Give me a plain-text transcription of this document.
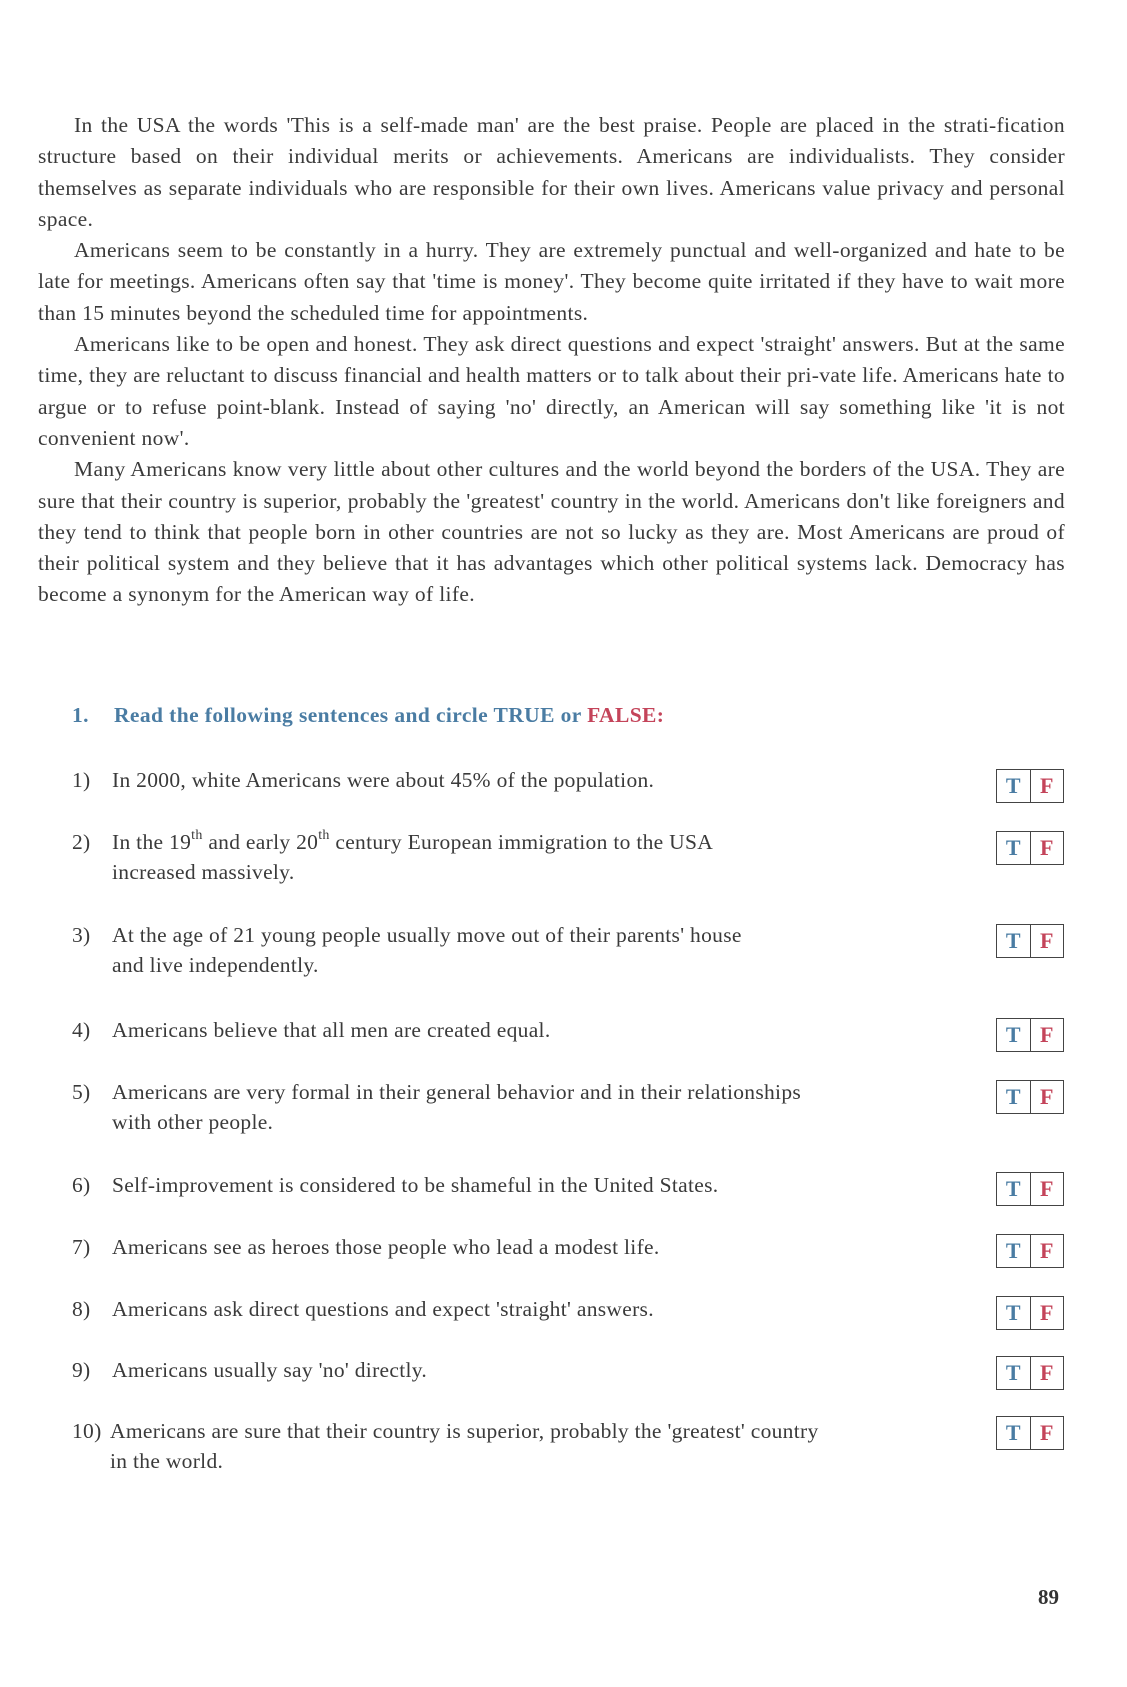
In the USA the words 'This is a self-made man' are the best praise. People are placed in the strati-fication structure based on their individual merits or achievements. Americans are individualists. They consider themselves as separate individuals who are responsible for their own lives. Americans value privacy and personal space.

Americans seem to be constantly in a hurry. They are extremely punctual and well-organized and hate to be late for meetings. Americans often say that 'time is money'. They become quite irritated if they have to wait more than 15 minutes beyond the scheduled time for appointments.

Americans like to be open and honest. They ask direct questions and expect 'straight' answers. But at the same time, they are reluctant to discuss financial and health matters or to talk about their pri-vate life. Americans hate to argue or to refuse point-blank. Instead of saying 'no' directly, an American will say something like 'it is not convenient now'.

Many Americans know very little about other cultures and the world beyond the borders of the USA. They are sure that their country is superior, probably the 'greatest' country in the world. Americans don't like foreigners and they tend to think that people born in other countries are not so lucky as they are. Most Americans are proud of their political system and they believe that it has advantages which other political systems lack. Democracy has become a synonym for the American way of life.

1. Read the following sentences and circle TRUE or FALSE:
1) In 2000, white Americans were about 45% of the population.	T F
2) In the 19th and early 20th century European immigration to the USA
increased massively.
T F
3) At the age of 21 young people usually move out of their parents' house
and live independently.
T F
4) Americans believe that all men are created equal.	T F
5) Americans are very formal in their general behavior and in their relationships
with other people.
T F
6) Self-improvement is considered to be shameful in the United States.	T F
7) Americans see as heroes those people who lead a modest life.	T F
8) Americans ask direct questions and expect 'straight' answers.	T F
9) Americans usually say 'no' directly.	T F
10) Americans are sure that their country is superior, probably the 'greatest' country
in the world.
T F
89
